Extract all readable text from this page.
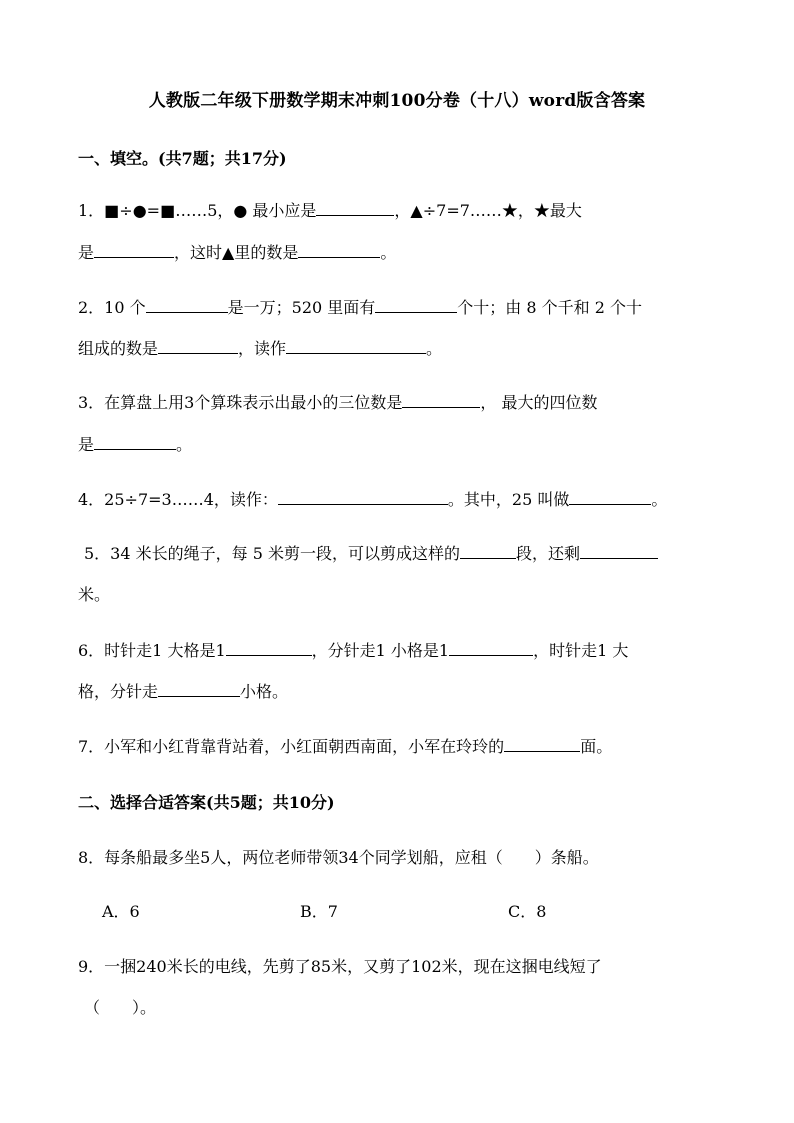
人教版二年级下册数学期末冲刺100分卷（十八）word版含答案
一、填空。(共7题；共17分)
1．■÷●=■……5，● 最小应是	，▲÷7=7……★，★最大
是	，这时▲里的数是	。
2．10 个	是一万；520 里面有	个十；由 8 个千和 2 个十
组成的数是	，读作	。
3．在算盘上用3个算珠表示出最小的三位数是	， 最大的四位数
是	。
4．25÷7=3……4，读作：	。其中，25 叫做	。
5．34 米长的绳子，每 5 米剪一段，可以剪成这样的	段，还剩
米。
6．时针走1 大格是1	，分针走1 小格是1	，时针走1 大
格，分针走	小格。
7．小军和小红背靠背站着，小红面朝西南面，小军在玲玲的	面。
二、选择合适答案(共5题；共10分)
8．每条船最多坐5人，两位老师带领34个同学划船，应租（　　）条船。
A．6	B．7	C．8
9．一捆240米长的电线，先剪了85米，又剪了102米，现在这捆电线短了
（　　）。
